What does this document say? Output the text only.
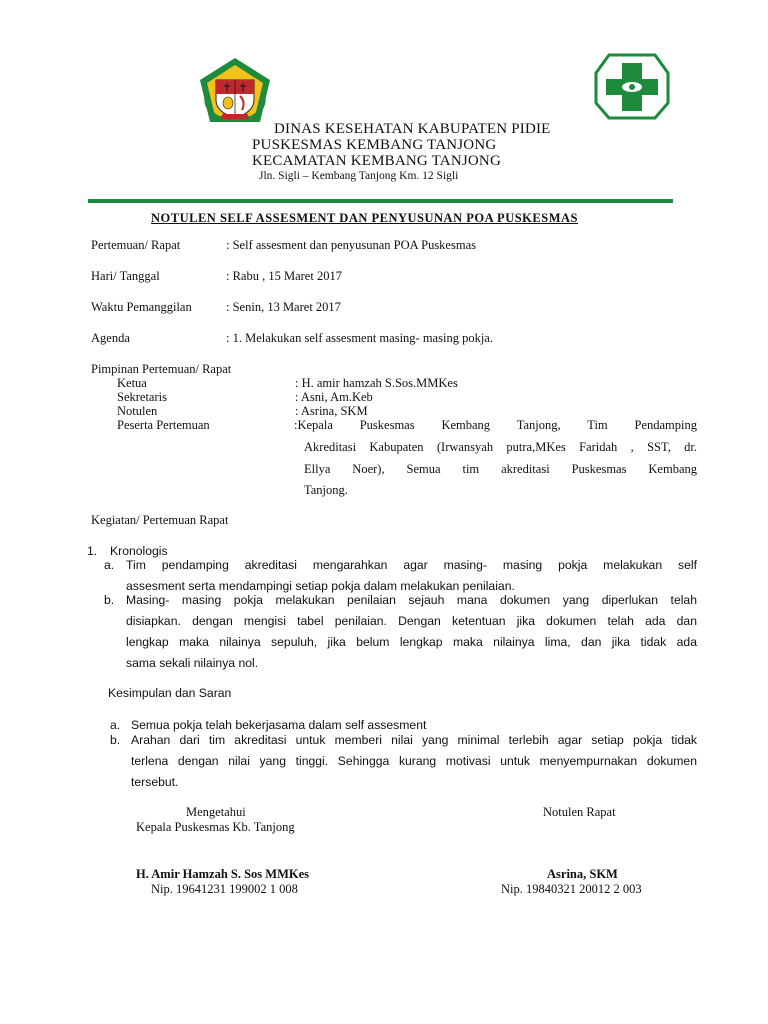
DINAS KESEHATAN KABUPATEN PIDIE
PUSKESMAS KEMBANG TANJONG
KECAMATAN KEMBANG TANJONG
Jln. Sigli – Kembang Tanjong Km. 12 Sigli
NOTULEN SELF ASSESMENT DAN PENYUSUNAN POA PUSKESMAS
Pertemuan/ Rapat	: Self assesment dan penyusunan POA Puskesmas
Hari/ Tanggal	: Rabu , 15 Maret 2017
Waktu Pemanggilan	: Senin, 13 Maret 2017
Agenda	: 1. Melakukan self assesment masing- masing pokja.
Pimpinan Pertemuan/ Rapat
Ketua	: H. amir hamzah S.Sos.MMKes
Sekretaris	: Asni, Am.Keb
Notulen	: Asrina, SKM
Peserta Pertemuan	:Kepala Puskesmas Kembang Tanjong, Tim Pendamping
Akreditasi Kabupaten (Irwansyah putra,MKes Faridah , SST, dr.
Ellya Noer), Semua tim akreditasi Puskesmas Kembang
Tanjong.
Kegiatan/ Pertemuan Rapat
1. Kronologis
a. Tim pendamping akreditasi mengarahkan agar masing- masing pokja melakukan self
assesment serta mendampingi setiap pokja dalam melakukan penilaian.
b. Masing- masing pokja melakukan penilaian sejauh mana dokumen yang diperlukan telah
disiapkan. dengan mengisi tabel penilaian. Dengan ketentuan jika dokumen telah ada dan
lengkap maka nilainya sepuluh, jika belum lengkap maka nilainya lima, dan jika tidak ada
sama sekali nilainya nol.
Kesimpulan dan Saran
a. Semua pokja telah bekerjasama dalam self assesment
b. Arahan dari tim akreditasi untuk memberi nilai yang minimal terlebih agar setiap pokja tidak
terlena dengan nilai yang tinggi. Sehingga kurang motivasi untuk menyempurnakan dokumen
tersebut.
Mengetahui
Kepala Puskesmas Kb. Tanjong
Notulen Rapat
H. Amir Hamzah S. Sos MMKes
Nip. 19641231 199002 1 008
Asrina, SKM
Nip. 19840321 20012 2 003
